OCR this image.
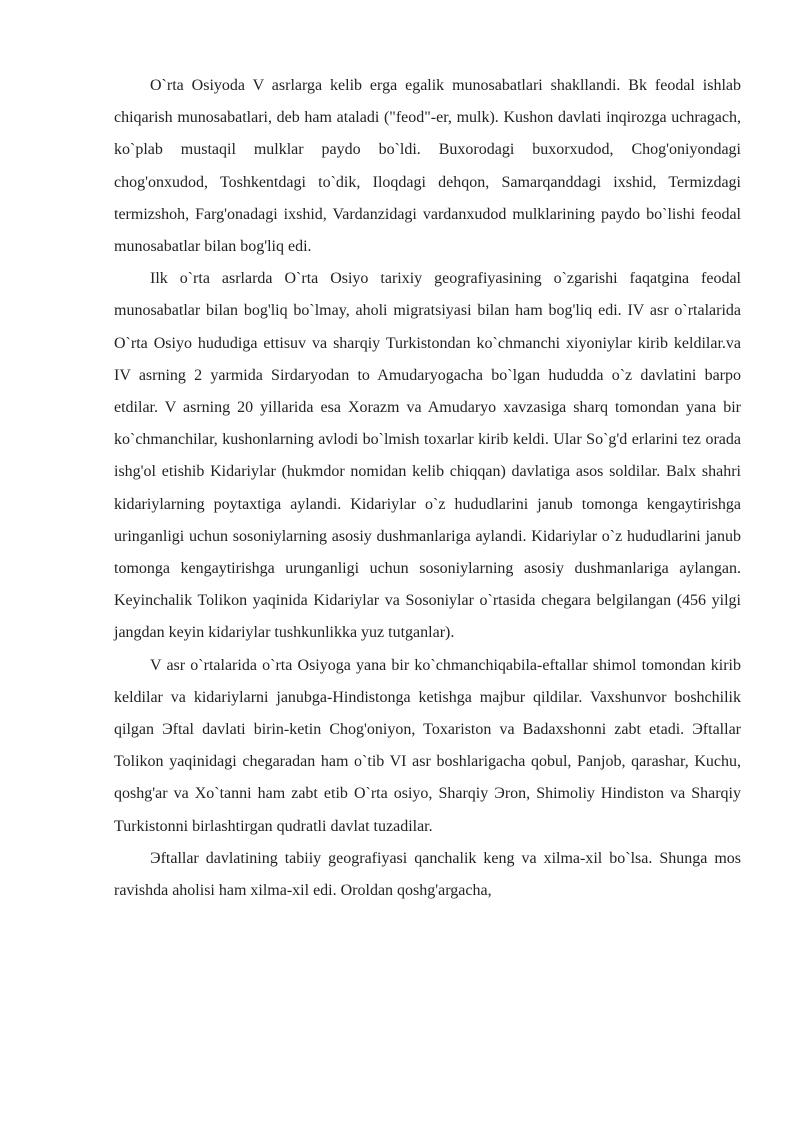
O`rta Osiyoda V asrlarga kelib erga egalik munosabatlari shakllandi. Bk feodal ishlab chiqarish munosabatlari, deb ham ataladi ("feod"-er, mulk). Kushon davlati inqirozga uchragach, ko`plab mustaqil mulklar paydo bo`ldi. Buxorodagi buxorxudod, Chog'oniyondagi chog'onxudod, Toshkentdagi to`dik, Iloqdagi dehqon, Samarqanddagi ixshid, Termizdagi termizshoh, Farg'onadagi ixshid, Vardanzidagi vardanxudod mulklarining paydo bo`lishi feodal munosabatlar bilan bog'liq edi.

Ilk o`rta asrlarda O`rta Osiyo tarixiy geografiyasining o`zgarishi faqatgina feodal munosabatlar bilan bog'liq bo`lmay, aholi migratsiyasi bilan ham bog'liq edi. IV asr o`rtalarida O`rta Osiyo hududiga ettisuv va sharqiy Turkistondan ko`chmanchi xiyoniylar kirib keldilar.va IV asrning 2 yarmida Sirdaryodan to Amudaryogacha bo`lgan hududda o`z davlatini barpo etdilar. V asrning 20 yillarida esa Xorazm va Amudaryo xavzasiga sharq tomondan yana bir ko`chmanchilar, kushonlarning avlodi bo`lmish toxarlar kirib keldi. Ular So`g'd erlarini tez orada ishg'ol etishib Kidariylar (hukmdor nomidan kelib chiqqan) davlatiga asos soldilar. Balx shahri kidariylarning poytaxtiga aylandi. Kidariylar o`z hududlarini janub tomonga kengaytirishga uringanligi uchun sosoniylarning asosiy dushmanlariga aylandi. Kidariylar o`z hududlarini janub tomonga kengaytirishga urunganligi uchun sosoniylarning asosiy dushmanlariga aylangan. Keyinchalik Tolikon yaqinida Kidariylar va Sosoniylar o`rtasida chegara belgilangan (456 yilgi jangdan keyin kidariylar tushkunlikka yuz tutganlar).

V asr o`rtalarida o`rta Osiyoga yana bir ko`chmanchiqabila-eftallar shimol tomondan kirib keldilar va kidariylarni janubga-Hindistonga ketishga majbur qildilar. Vaxshunvor boshchilik qilgan Эftal davlati birin-ketin Chog'oniyon, Toxariston va Badaxshonni zabt etadi. Эftallar Tolikon yaqinidagi chegaradan ham o`tib VI asr boshlarigacha qobul, Panjob, qarashar, Kuchu, qoshg'ar va Xo`tanni ham zabt etib O`rta osiyo, Sharqiy Эron, Shimoliy Hindiston va Sharqiy Turkistonni birlashtirgan qudratli davlat tuzadilar.

Эftallar davlatining tabiiy geografiyasi qanchalik keng va xilma-xil bo`lsa. Shunga mos ravishda aholisi ham xilma-xil edi. Oroldan qoshg'argacha,
